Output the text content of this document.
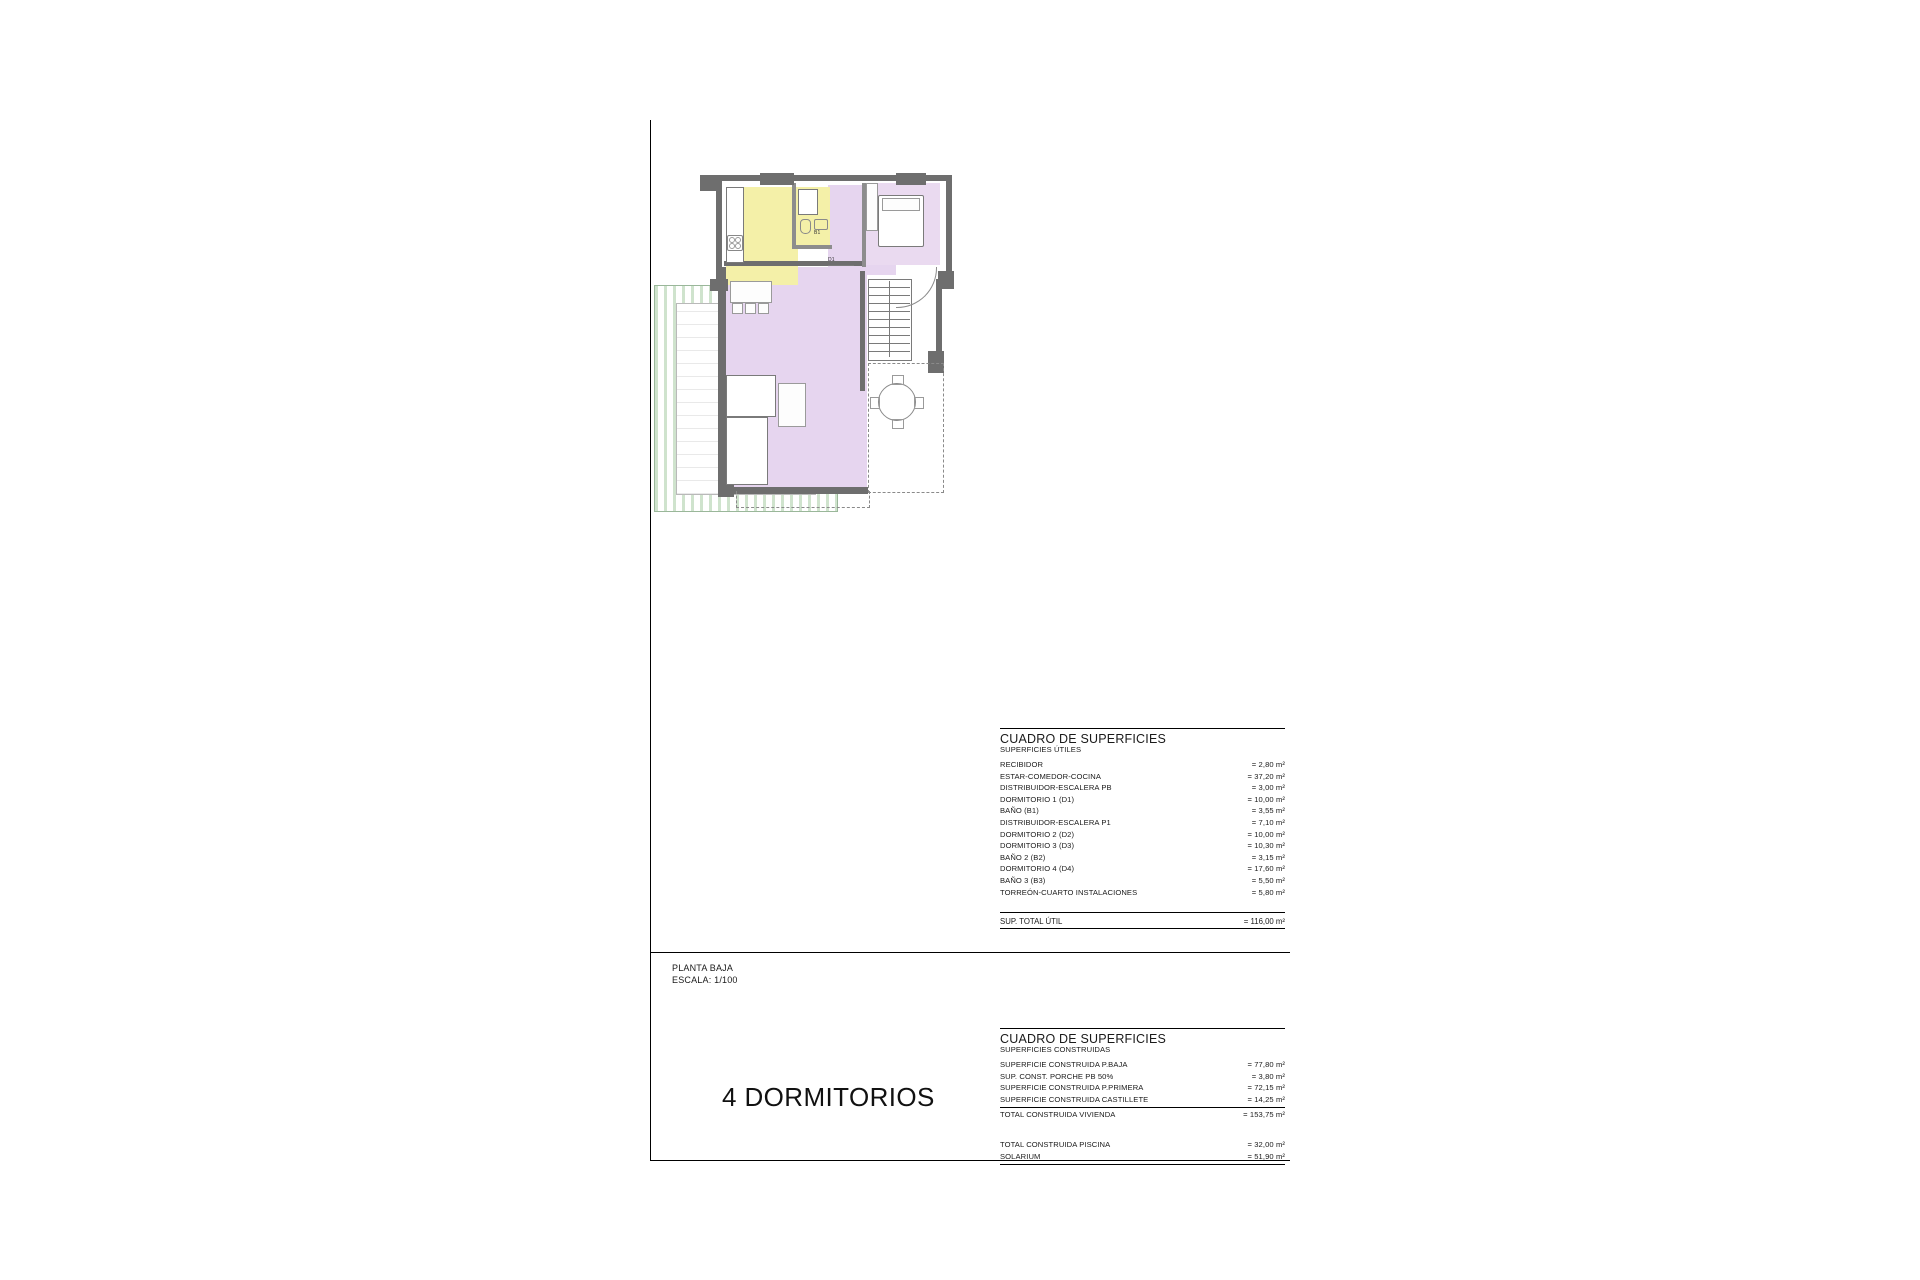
B1
D1
CUADRO DE SUPERFICIES
SUPERFICIES ÚTILES
RECIBIDOR	= 2,80 m²
ESTAR-COMEDOR-COCINA	= 37,20 m²
DISTRIBUIDOR-ESCALERA PB	= 3,00 m²
DORMITORIO 1 (D1)	= 10,00 m²
BAÑO (B1)	= 3,55 m²
DISTRIBUIDOR-ESCALERA P1	= 7,10 m²
DORMITORIO 2 (D2)	= 10,00 m²
DORMITORIO 3 (D3)	= 10,30 m²
BAÑO 2 (B2)	= 3,15 m²
DORMITORIO 4 (D4)	= 17,60 m²
BAÑO 3 (B3)	= 5,50 m²
TORREÓN-CUARTO INSTALACIONES	= 5,80 m²
SUP. TOTAL ÚTIL	= 116,00 m²
CUADRO DE SUPERFICIES
SUPERFICIES CONSTRUIDAS
SUPERFICIE CONSTRUIDA P.BAJA	= 77,80 m²
SUP. CONST. PORCHE PB 50%	= 3,80 m²
SUPERFICIE CONSTRUIDA P.PRIMERA	= 72,15 m²
SUPERFICIE CONSTRUIDA CASTILLETE	= 14,25 m²
TOTAL CONSTRUIDA VIVIENDA	= 153,75 m²
TOTAL CONSTRUIDA PISCINA	= 32,00 m²
SOLARIUM	= 51,90 m²
PLANTA BAJA
ESCALA: 1/100
4 DORMITORIOS
